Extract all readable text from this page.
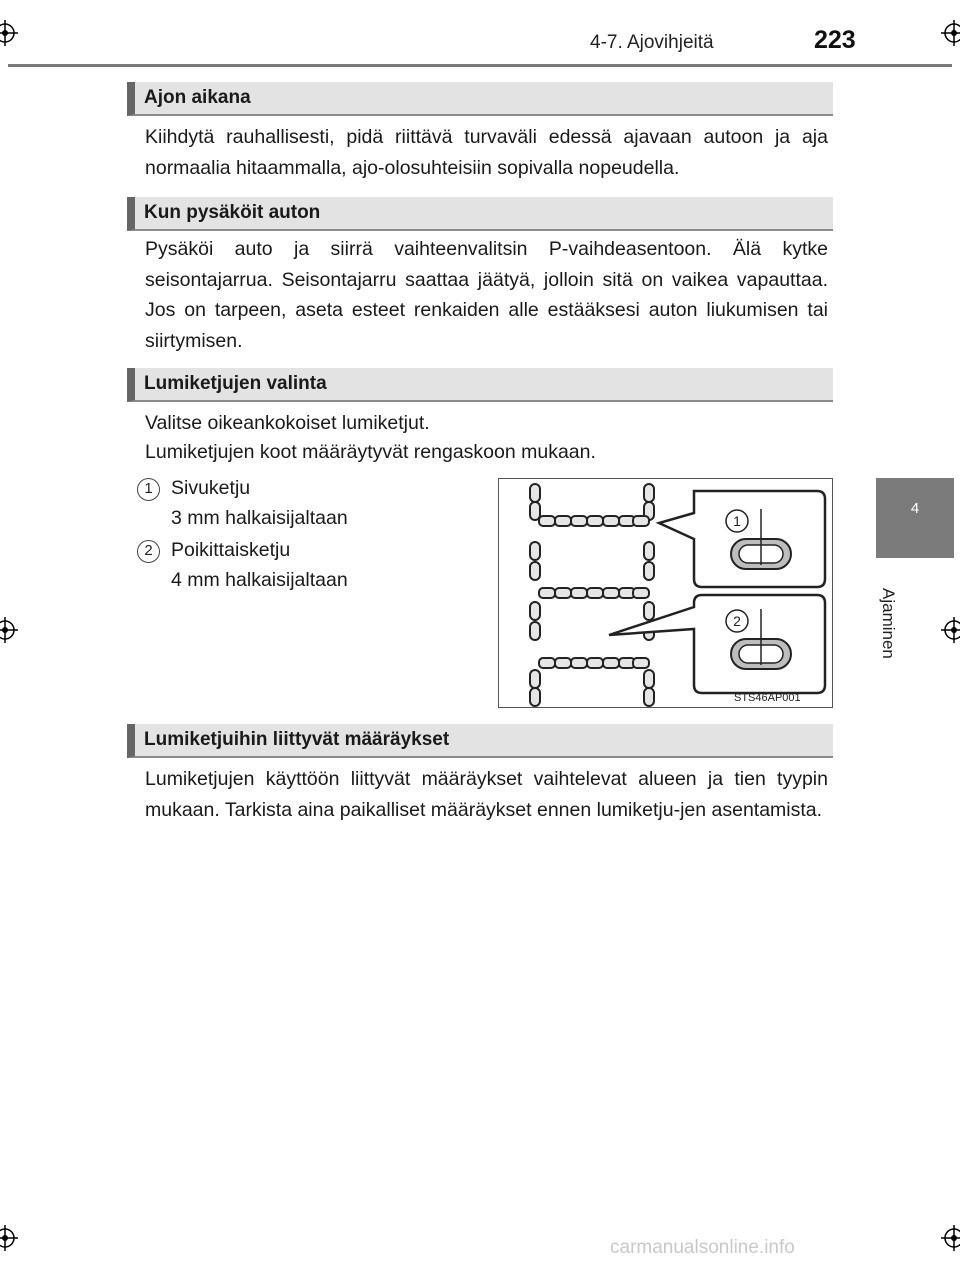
4-7. Ajovihjeitä	223
4
Ajaminen
Ajon aikana
Kiihdytä rauhallisesti, pidä riittävä turvaväli edessä ajavaan autoon ja aja normaalia hitaammalla, ajo-olosuhteisiin sopivalla nopeudella.
Kun pysäköit auton
Pysäköi auto ja siirrä vaihteenvalitsin P-vaihdeasentoon. Älä kytke seisontajarrua. Seisontajarru saattaa jäätyä, jolloin sitä on vaikea vapauttaa. Jos on tarpeen, aseta esteet renkaiden alle estääksesi auton liukumisen tai siirtymisen.
Lumiketjujen valinta
Valitse oikeankokoiset lumiketjut.
Lumiketjujen koot määräytyvät rengaskoon mukaan.
1 Sivuketju
3 mm halkaisijaltaan
2 Poikittaisketju
4 mm halkaisijaltaan
1
2
STS46AP001
Lumiketjuihin liittyvät määräykset
Lumiketjujen käyttöön liittyvät määräykset vaihtelevat alueen ja tien tyypin mukaan. Tarkista aina paikalliset määräykset ennen lumiketju-jen asentamista.
carmanualsonline.info
